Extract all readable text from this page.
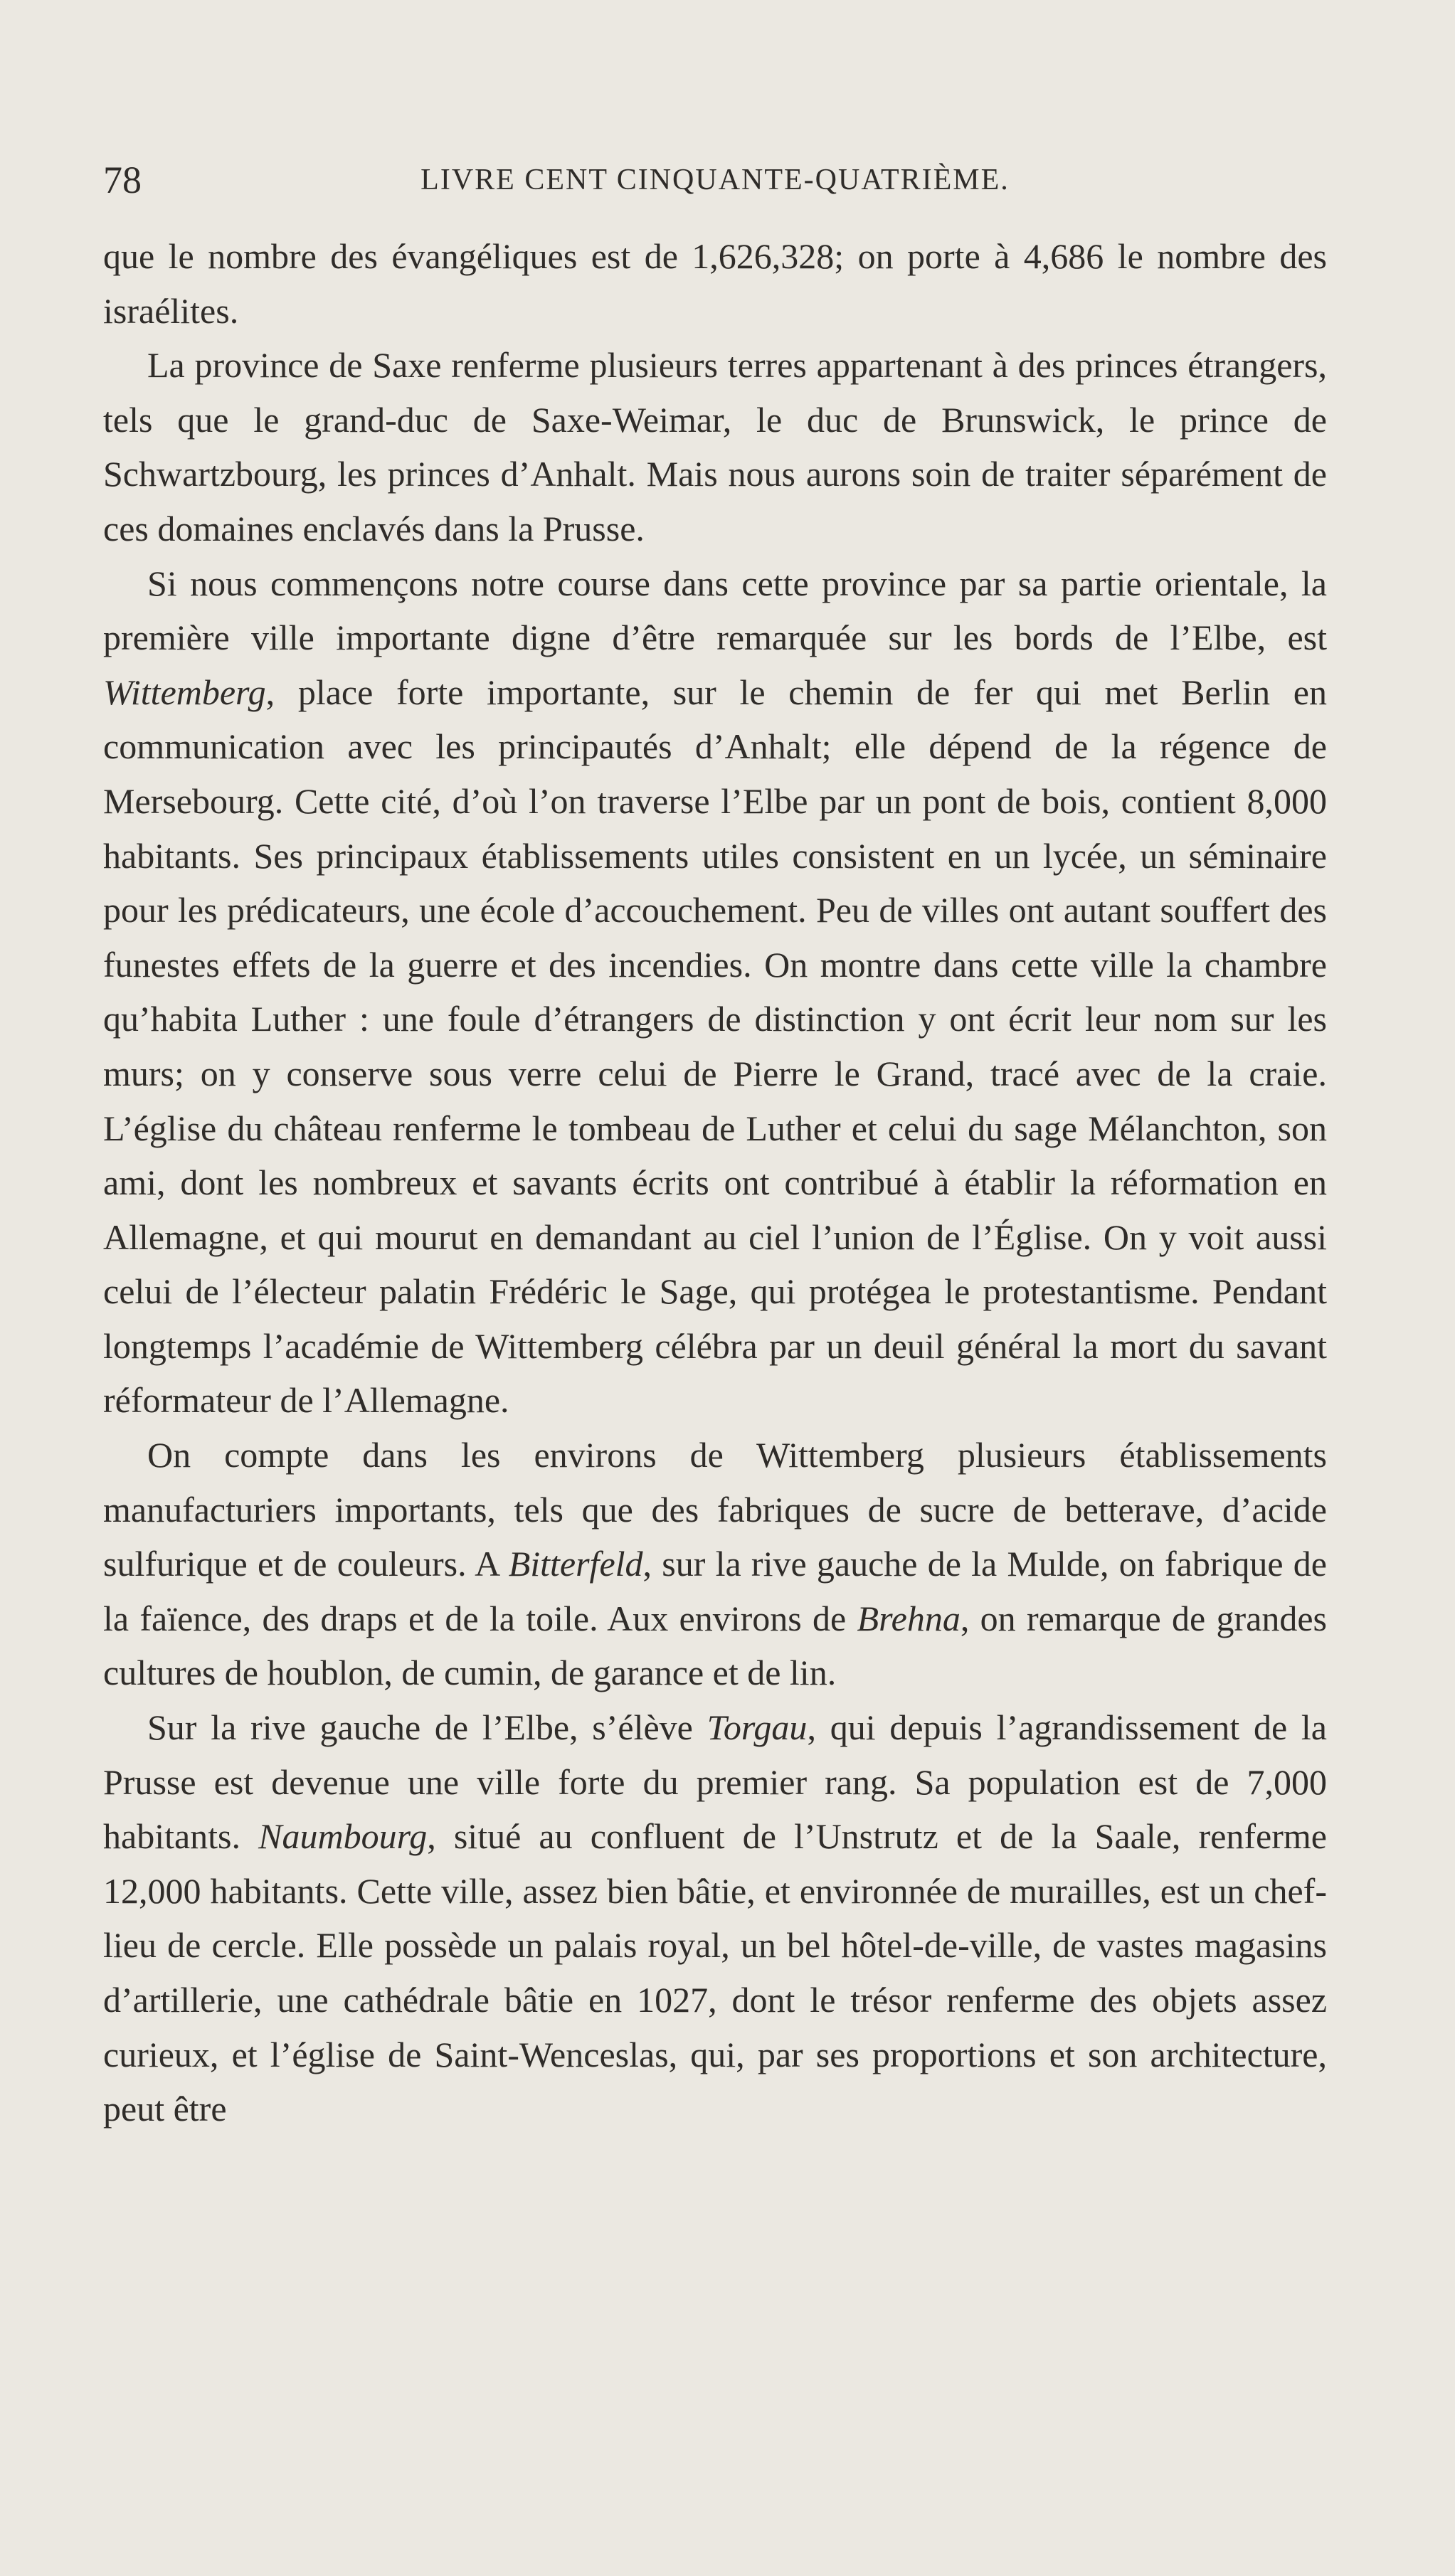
78	LIVRE CENT CINQUANTE-QUATRIÈME.

que le nombre des évangéliques est de 1,626,328; on porte à 4,686 le nombre des israélites.

La province de Saxe renferme plusieurs terres appartenant à des princes étrangers, tels que le grand-duc de Saxe-Weimar, le duc de Brunswick, le prince de Schwartzbourg, les princes d’Anhalt. Mais nous aurons soin de traiter séparément de ces domaines enclavés dans la Prusse.

Si nous commençons notre course dans cette province par sa partie orientale, la première ville importante digne d’être remarquée sur les bords de l’Elbe, est Wittemberg, place forte importante, sur le chemin de fer qui met Berlin en communication avec les principautés d’Anhalt; elle dépend de la régence de Mersebourg. Cette cité, d’où l’on traverse l’Elbe par un pont de bois, contient 8,000 habitants. Ses principaux établissements utiles consistent en un lycée, un séminaire pour les prédicateurs, une école d’accouchement. Peu de villes ont autant souffert des funestes effets de la guerre et des incendies. On montre dans cette ville la chambre qu’habita Luther : une foule d’étrangers de distinction y ont écrit leur nom sur les murs; on y conserve sous verre celui de Pierre le Grand, tracé avec de la craie. L’église du château renferme le tombeau de Luther et celui du sage Mélanchton, son ami, dont les nombreux et savants écrits ont contribué à établir la réformation en Allemagne, et qui mourut en demandant au ciel l’union de l’Église. On y voit aussi celui de l’électeur palatin Frédéric le Sage, qui protégea le protestantisme. Pendant longtemps l’académie de Wittemberg célébra par un deuil général la mort du savant réformateur de l’Allemagne.

On compte dans les environs de Wittemberg plusieurs établissements manufacturiers importants, tels que des fabriques de sucre de betterave, d’acide sulfurique et de couleurs. A Bitterfeld, sur la rive gauche de la Mulde, on fabrique de la faïence, des draps et de la toile. Aux environs de Brehna, on remarque de grandes cultures de houblon, de cumin, de garance et de lin.

Sur la rive gauche de l’Elbe, s’élève Torgau, qui depuis l’agrandissement de la Prusse est devenue une ville forte du premier rang. Sa population est de 7,000 habitants. Naumbourg, situé au confluent de l’Unstrutz et de la Saale, renferme 12,000 habitants. Cette ville, assez bien bâtie, et environnée de murailles, est un chef-lieu de cercle. Elle possède un palais royal, un bel hôtel-de-ville, de vastes magasins d’artillerie, une cathédrale bâtie en 1027, dont le trésor renferme des objets assez curieux, et l’église de Saint-Wenceslas, qui, par ses proportions et son architecture, peut être
